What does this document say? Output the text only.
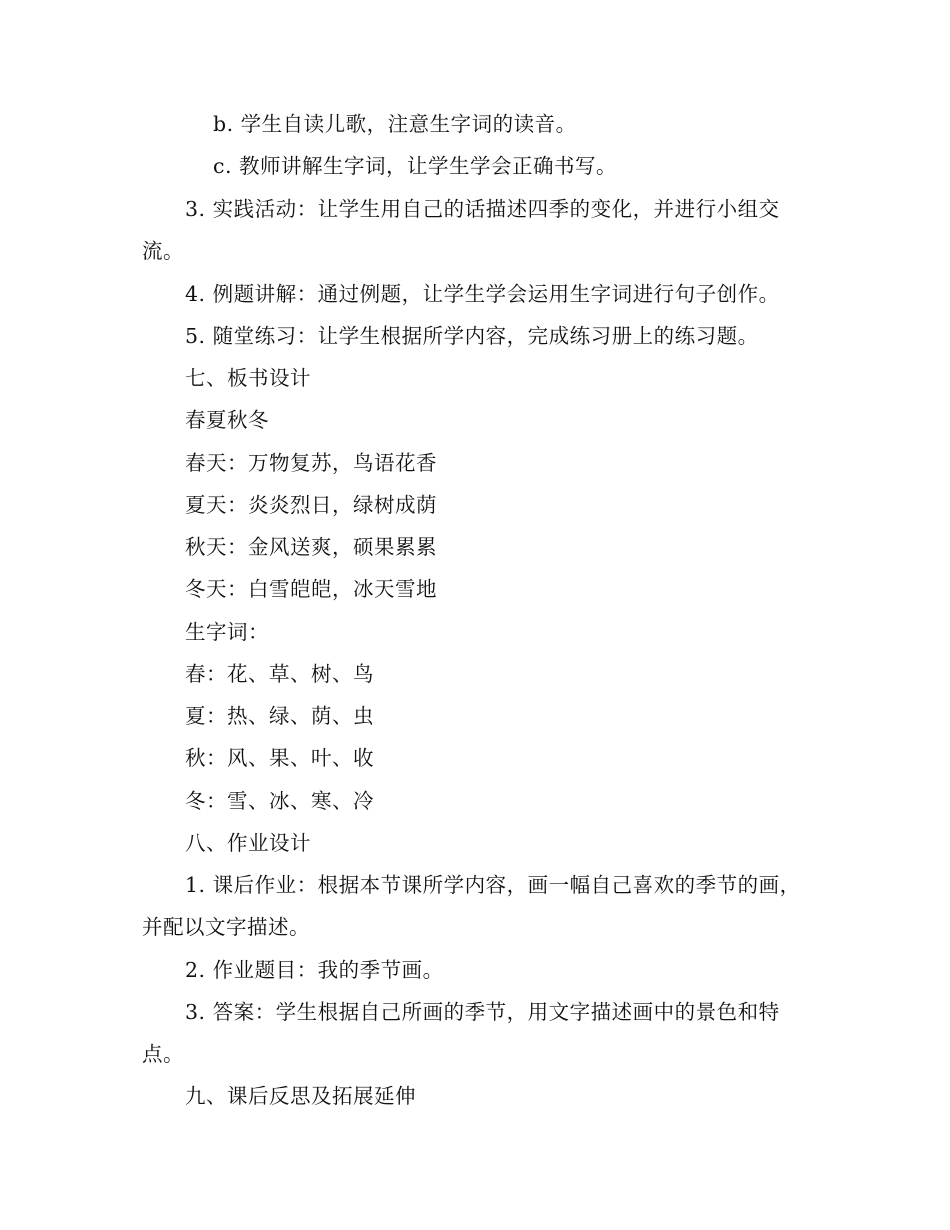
b. 学生自读儿歌，注意生字词的读音。
c. 教师讲解生字词，让学生学会正确书写。
3. 实践活动：让学生用自己的话描述四季的变化，并进行小组交
流。
4. 例题讲解：通过例题，让学生学会运用生字词进行句子创作。
5. 随堂练习：让学生根据所学内容，完成练习册上的练习题。
七、板书设计
春夏秋冬
春天：万物复苏，鸟语花香
夏天：炎炎烈日，绿树成荫
秋天：金风送爽，硕果累累
冬天：白雪皑皑，冰天雪地
生字词：
春：花、草、树、鸟
夏：热、绿、荫、虫
秋：风、果、叶、收
冬：雪、冰、寒、冷
八、作业设计
1. 课后作业：根据本节课所学内容，画一幅自己喜欢的季节的画，
并配以文字描述。
2. 作业题目：我的季节画。
3. 答案：学生根据自己所画的季节，用文字描述画中的景色和特
点。
九、课后反思及拓展延伸
